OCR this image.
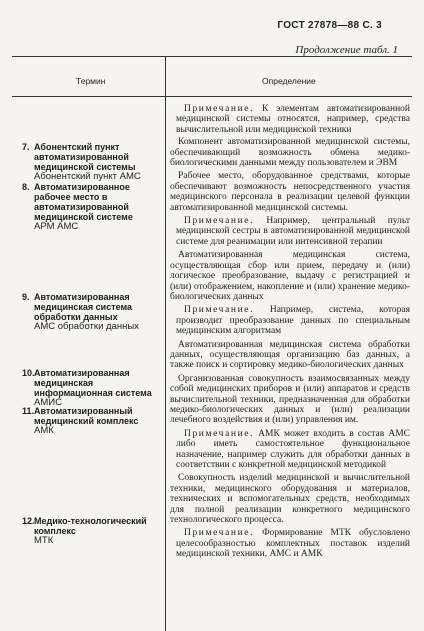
ГОСТ 27878—88 С. 3
Продолжение табл. 1
Термин	Определение
7. Абонентский пункт автоматизированной медицинской системы
Абонентский пункт АМС
8. Автоматизированное рабочее место в автоматизированной медицинской системе
АРМ АМС
9. Автоматизированная медицинская система обработки данных
АМС обработки данных
10. Автоматизированная медицинская информационная система
АМИС
11. Автоматизированный медицинский комплекс
АМК
12. Медико-технологический комплекс
МТК
Примечание. К элементам автоматизированной медицинской системы относятся, например, средства вычислительной или медицинской техники
Компонент автоматизированной медицинской системы, обеспечивающий возможность обмена медико-биологическими данными между пользователем и ЭВМ
Рабочее место, оборудованное средствами, которые обеспечивают возможность непосредственного участия медицинского персонала в реализации целевой функции автоматизированной медицинской системы.
Примечание. Например, центральный пульт медицинской сестры в автоматизированной медицинской системе для реанимации или интенсивной терапии
Автоматизированная медицинская система, осуществляющая сбор или прием, передачу и (или) логическое преобразование, выдачу с регистрацией и (или) отображением, накопление и (или) хранение медико-биологических данных
Примечание. Например, система, которая производит преобразование данных по специальным медицинским алгоритмам
Автоматизированная медицинская система обработки данных, осуществляющая организацию баз данных, а также поиск и сортировку медико-биологических данных
Организованная совокупность взаимосвязанных между собой медицинских приборов и (или) аппаратов и средств вычислительной техники, предназначенная для обработки медико-биологических данных и (или) реализации лечебного воздействия и (или) управления им.
Примечание. АМК может входить в состав АМС либо иметь самостоятельное функциональное назначение, например служить для обработки данных в соответствии с конкретной медицинской методикой
Совокупность изделий медицинской и вычислительной техники, медицинского оборудования и материалов, технических и вспомогательных средств, необходимых для полной реализации конкретного медицинского технологического процесса.
Примечание. Формирование МТК обусловлено целесообразностью комплектных поставок изделий медицинской техники, АМС и АМК
